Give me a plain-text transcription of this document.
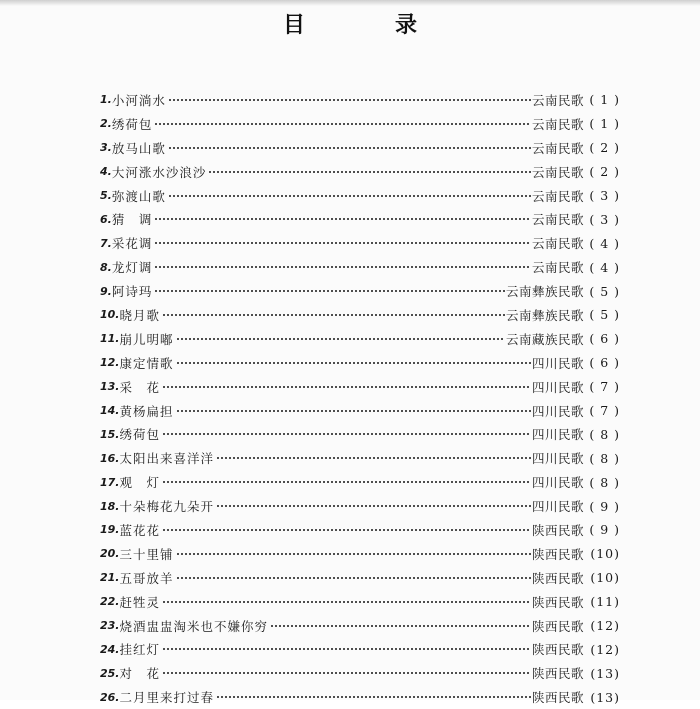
目　录
1. 小河淌水	云南民歌 ( 1 )
2. 绣荷包	云南民歌 ( 1 )
3. 放马山歌	云南民歌 ( 2 )
4. 大河涨水沙浪沙	云南民歌 ( 2 )
5. 弥渡山歌	云南民歌 ( 3 )
6. 猜　调	云南民歌 ( 3 )
7. 采花调	云南民歌 ( 4 )
8. 龙灯调	云南民歌 ( 4 )
9. 阿诗玛	云南彝族民歌 ( 5 )
10. 晓月歌	云南彝族民歌 ( 5 )
11. 崩儿明嘟	云南藏族民歌 ( 6 )
12. 康定情歌	四川民歌 ( 6 )
13. 采　花	四川民歌 ( 7 )
14. 黄杨扁担	四川民歌 ( 7 )
15. 绣荷包	四川民歌 ( 8 )
16. 太阳出来喜洋洋	四川民歌 ( 8 )
17. 观　灯	四川民歌 ( 8 )
18. 十朵梅花九朵开	四川民歌 ( 9 )
19. 蓝花花	陕西民歌 ( 9 )
20. 三十里铺	陕西民歌 (10)
21. 五哥放羊	陕西民歌 (10)
22. 赶牲灵	陕西民歌 (11)
23. 烧酒盅盅淘米也不嫌你穷	陕西民歌 (12)
24. 挂红灯	陕西民歌 (12)
25. 对　花	陕西民歌 (13)
26. 二月里来打过春	陕西民歌 (13)
